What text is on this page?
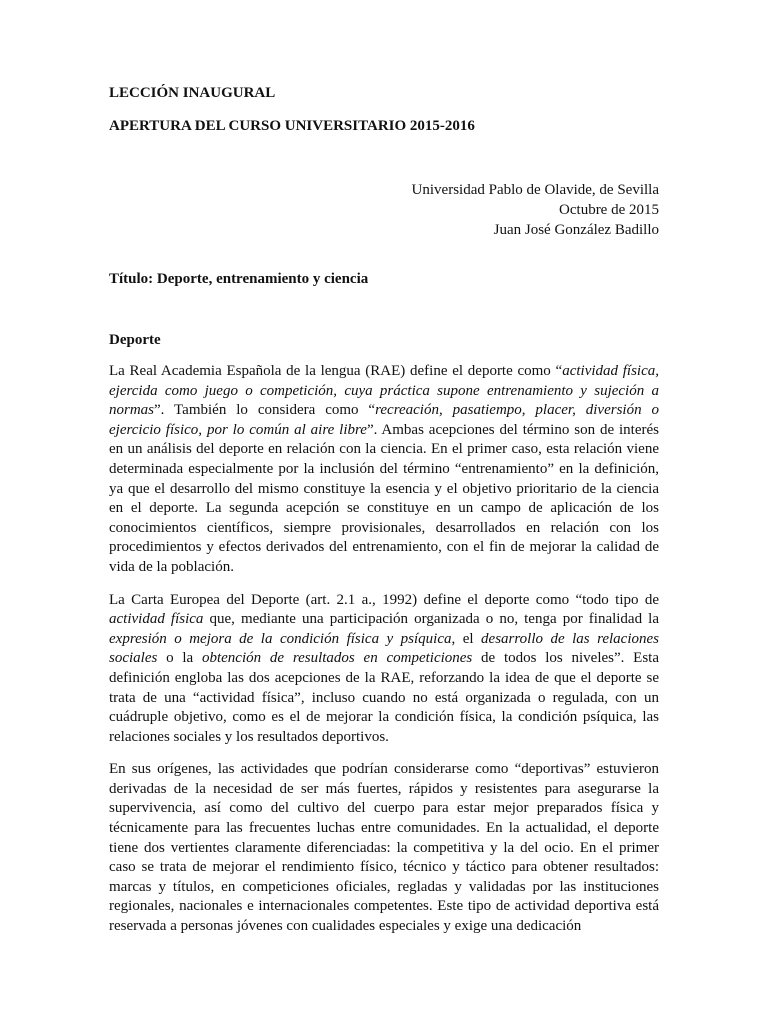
LECCIÓN INAUGURAL

APERTURA DEL CURSO UNIVERSITARIO 2015-2016

Universidad Pablo de Olavide, de Sevilla
Octubre de 2015
Juan José González Badillo
Título: Deporte, entrenamiento y ciencia
Deporte

La Real Academia Española de la lengua (RAE) define el deporte como “actividad física, ejercida como juego o competición, cuya práctica supone entrenamiento y sujeción a normas”. También lo considera como “recreación, pasatiempo, placer, diversión o ejercicio físico, por lo común al aire libre”. Ambas acepciones del término son de interés en un análisis del deporte en relación con la ciencia. En el primer caso, esta relación viene determinada especialmente por la inclusión del término “entrenamiento” en la definición, ya que el desarrollo del mismo constituye la esencia y el objetivo prioritario de la ciencia en el deporte. La segunda acepción se constituye en un campo de aplicación de los conocimientos científicos, siempre provisionales, desarrollados en relación con los procedimientos y efectos derivados del entrenamiento, con el fin de mejorar la calidad de vida de la población.

La Carta Europea del Deporte (art. 2.1 a., 1992) define el deporte como “todo tipo de actividad física que, mediante una participación organizada o no, tenga por finalidad la expresión o mejora de la condición física y psíquica, el desarrollo de las relaciones sociales o la obtención de resultados en competiciones de todos los niveles”. Esta definición engloba las dos acepciones de la RAE, reforzando la idea de que el deporte se trata de una “actividad física”, incluso cuando no está organizada o regulada, con un cuádruple objetivo, como es el de mejorar la condición física, la condición psíquica, las relaciones sociales y los resultados deportivos.

En sus orígenes, las actividades que podrían considerarse como “deportivas” estuvieron derivadas de la necesidad de ser más fuertes, rápidos y resistentes para asegurarse la supervivencia, así como del cultivo del cuerpo para estar mejor preparados física y técnicamente para las frecuentes luchas entre comunidades. En la actualidad, el deporte tiene dos vertientes claramente diferenciadas: la competitiva y la del ocio. En el primer caso se trata de mejorar el rendimiento físico, técnico y táctico para obtener resultados: marcas y títulos, en competiciones oficiales, regladas y validadas por las instituciones regionales, nacionales e internacionales competentes. Este tipo de actividad deportiva está reservada a personas jóvenes con cualidades especiales y exige una dedicación
